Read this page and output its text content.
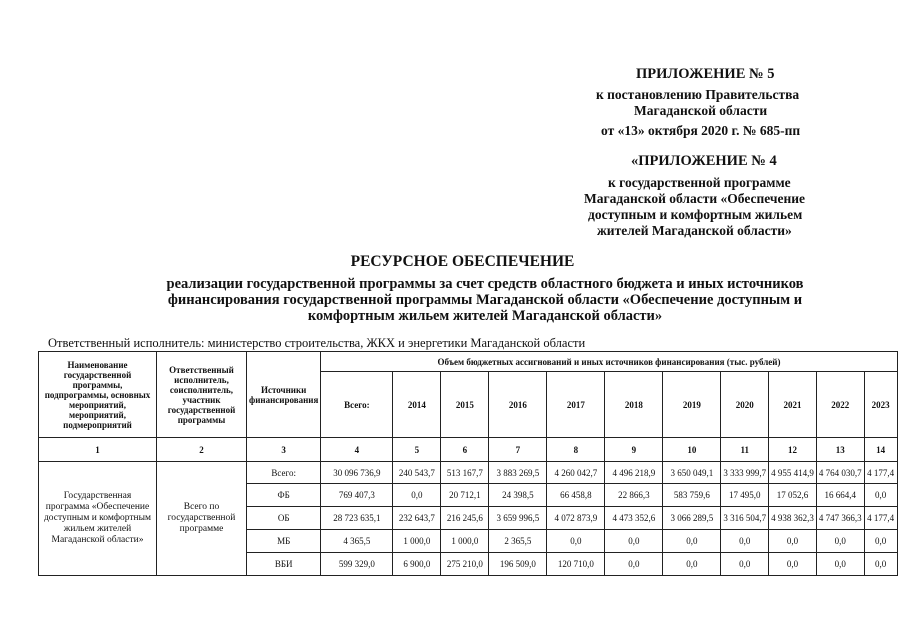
ПРИЛОЖЕНИЕ № 5
к постановлению Правительства
Магаданской области
от «13» октября 2020 г. № 685-пп
«ПРИЛОЖЕНИЕ № 4
к государственной программе
Магаданской области «Обеспечение
доступным и комфортным жильем
жителей Магаданской области»
РЕСУРСНОЕ ОБЕСПЕЧЕНИЕ
реализации государственной программы за счет средств областного бюджета и иных источников
финансирования государственной программы Магаданской области «Обеспечение доступным и
комфортным жильем жителей Магаданской области»
Ответственный исполнитель: министерство строительства, ЖКХ и энергетики Магаданской области
Наименование государственной программы, подпрограммы, основных мероприятий, мероприятий, подмероприятий	Ответственный исполнитель, соисполнитель, участник государственной программы	Источники финансирования	Объем бюджетных ассигнований и иных источников финансирования (тыс. рублей)										
			Всего:	2014	2015	2016	2017	2018	2019	2020	2021	2022	2023
1	2	3	4	5	6	7	8	9	10	11	12	13	14
Государственная программа «Обеспечение доступным и комфортным жильем жителей Магаданской области»	Всего по государственной программе	Всего:	30 096 736,9	240 543,7	513 167,7	3 883 269,5	4 260 042,7	4 496 218,9	3 650 049,1	3 333 999,7	4 955 414,9	4 764 030,7	4 177,4
		ФБ	769 407,3	0,0	20 712,1	24 398,5	66 458,8	22 866,3	583 759,6	17 495,0	17 052,6	16 664,4	0,0
		ОБ	28 723 635,1	232 643,7	216 245,6	3 659 996,5	4 072 873,9	4 473 352,6	3 066 289,5	3 316 504,7	4 938 362,3	4 747 366,3	4 177,4
		МБ	4 365,5	1 000,0	1 000,0	2 365,5	0,0	0,0	0,0	0,0	0,0	0,0	0,0
		ВБИ	599 329,0	6 900,0	275 210,0	196 509,0	120 710,0	0,0	0,0	0,0	0,0	0,0	0,0
